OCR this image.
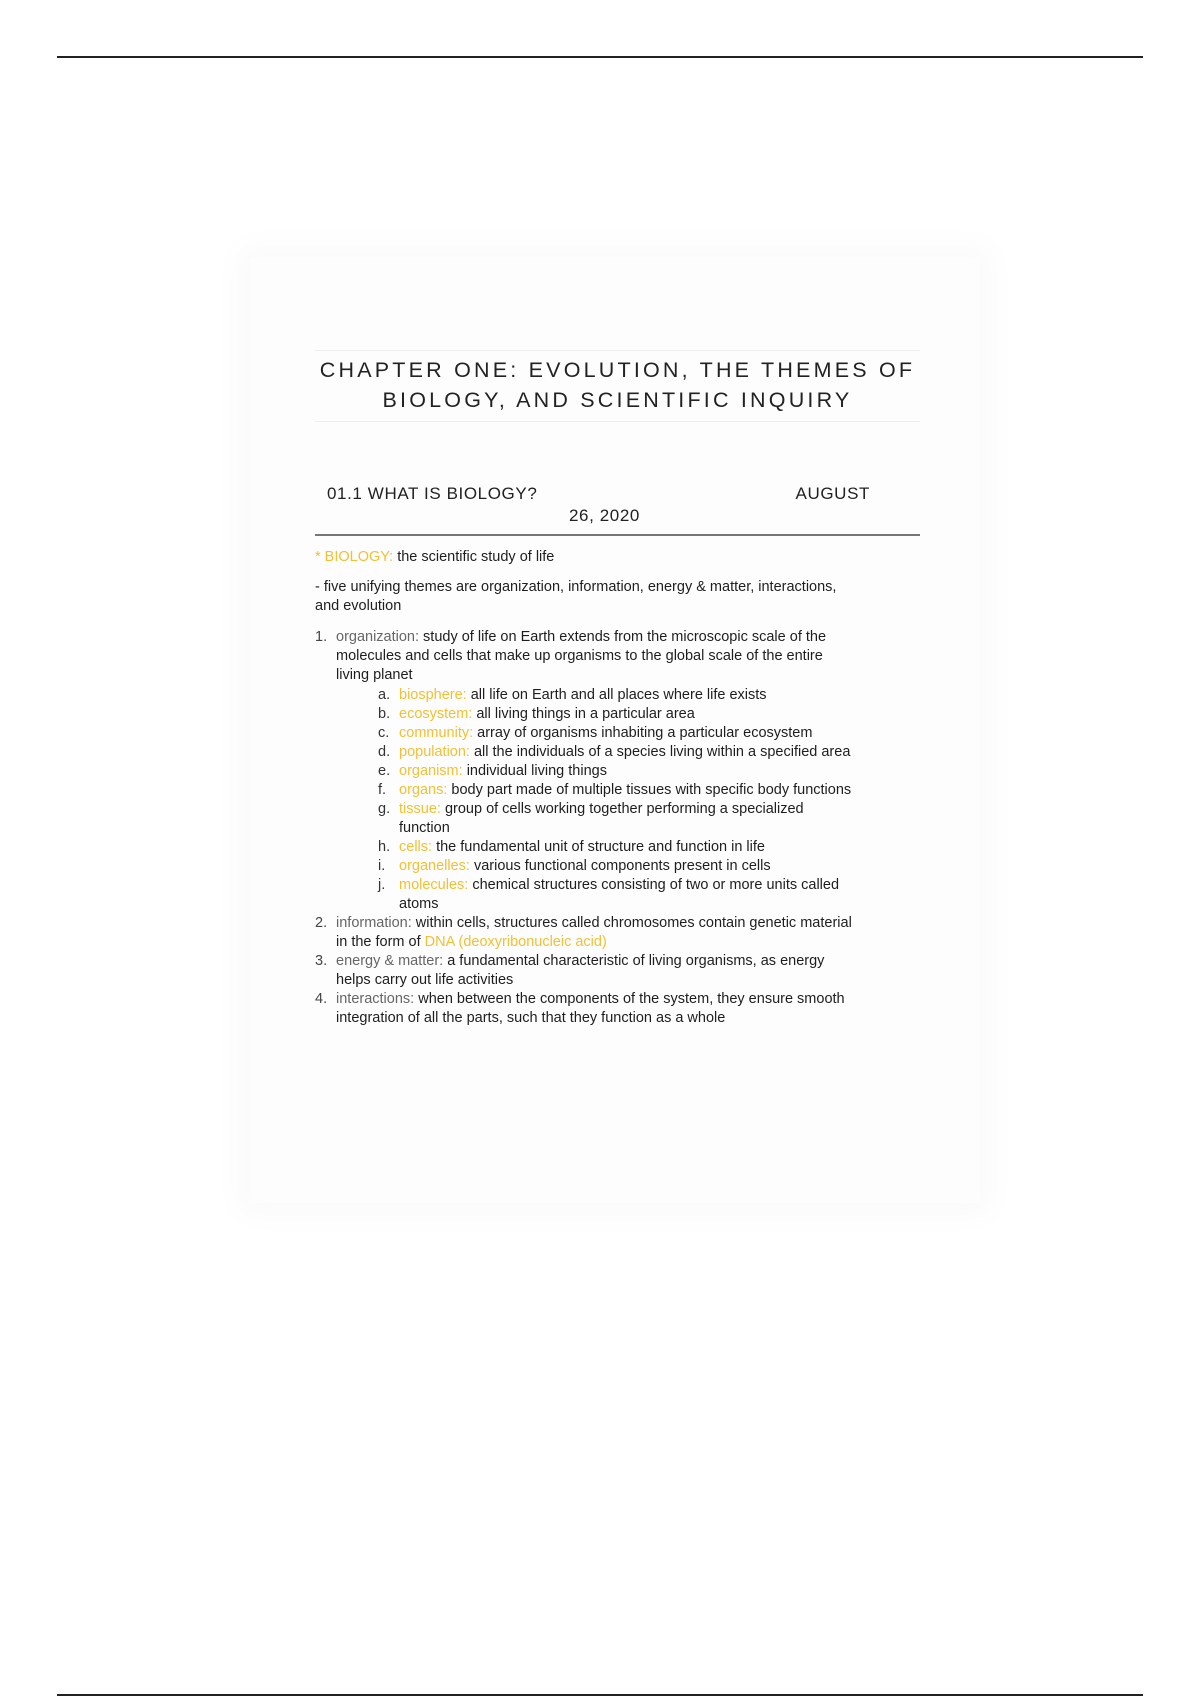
CHAPTER ONE: EVOLUTION, THE THEMES OF

BIOLOGY, AND SCIENTIFIC INQUIRY

01.1 WHAT IS BIOLOGY?	AUGUST
26, 2020

* BIOLOGY: the scientific study of life

- five unifying themes are organization, information, energy & matter, interactions, and evolution

1. organization: study of life on Earth extends from the microscopic scale of the molecules and cells that make up organisms to the global scale of the entire living planet
a. biosphere: all life on Earth and all places where life exists
b. ecosystem: all living things in a particular area
c. community: array of organisms inhabiting a particular ecosystem
d. population: all the individuals of a species living within a specified area
e. organism: individual living things
f. organs: body part made of multiple tissues with specific body functions
g. tissue: group of cells working together performing a specialized function
h. cells: the fundamental unit of structure and function in life
i. organelles: various functional components present in cells
j. molecules: chemical structures consisting of two or more units called atoms
2. information: within cells, structures called chromosomes contain genetic material in the form of DNA (deoxyribonucleic acid)
3. energy & matter: a fundamental characteristic of living organisms, as energy helps carry out life activities
4. interactions: when between the components of the system, they ensure smooth integration of all the parts, such that they function as a whole
